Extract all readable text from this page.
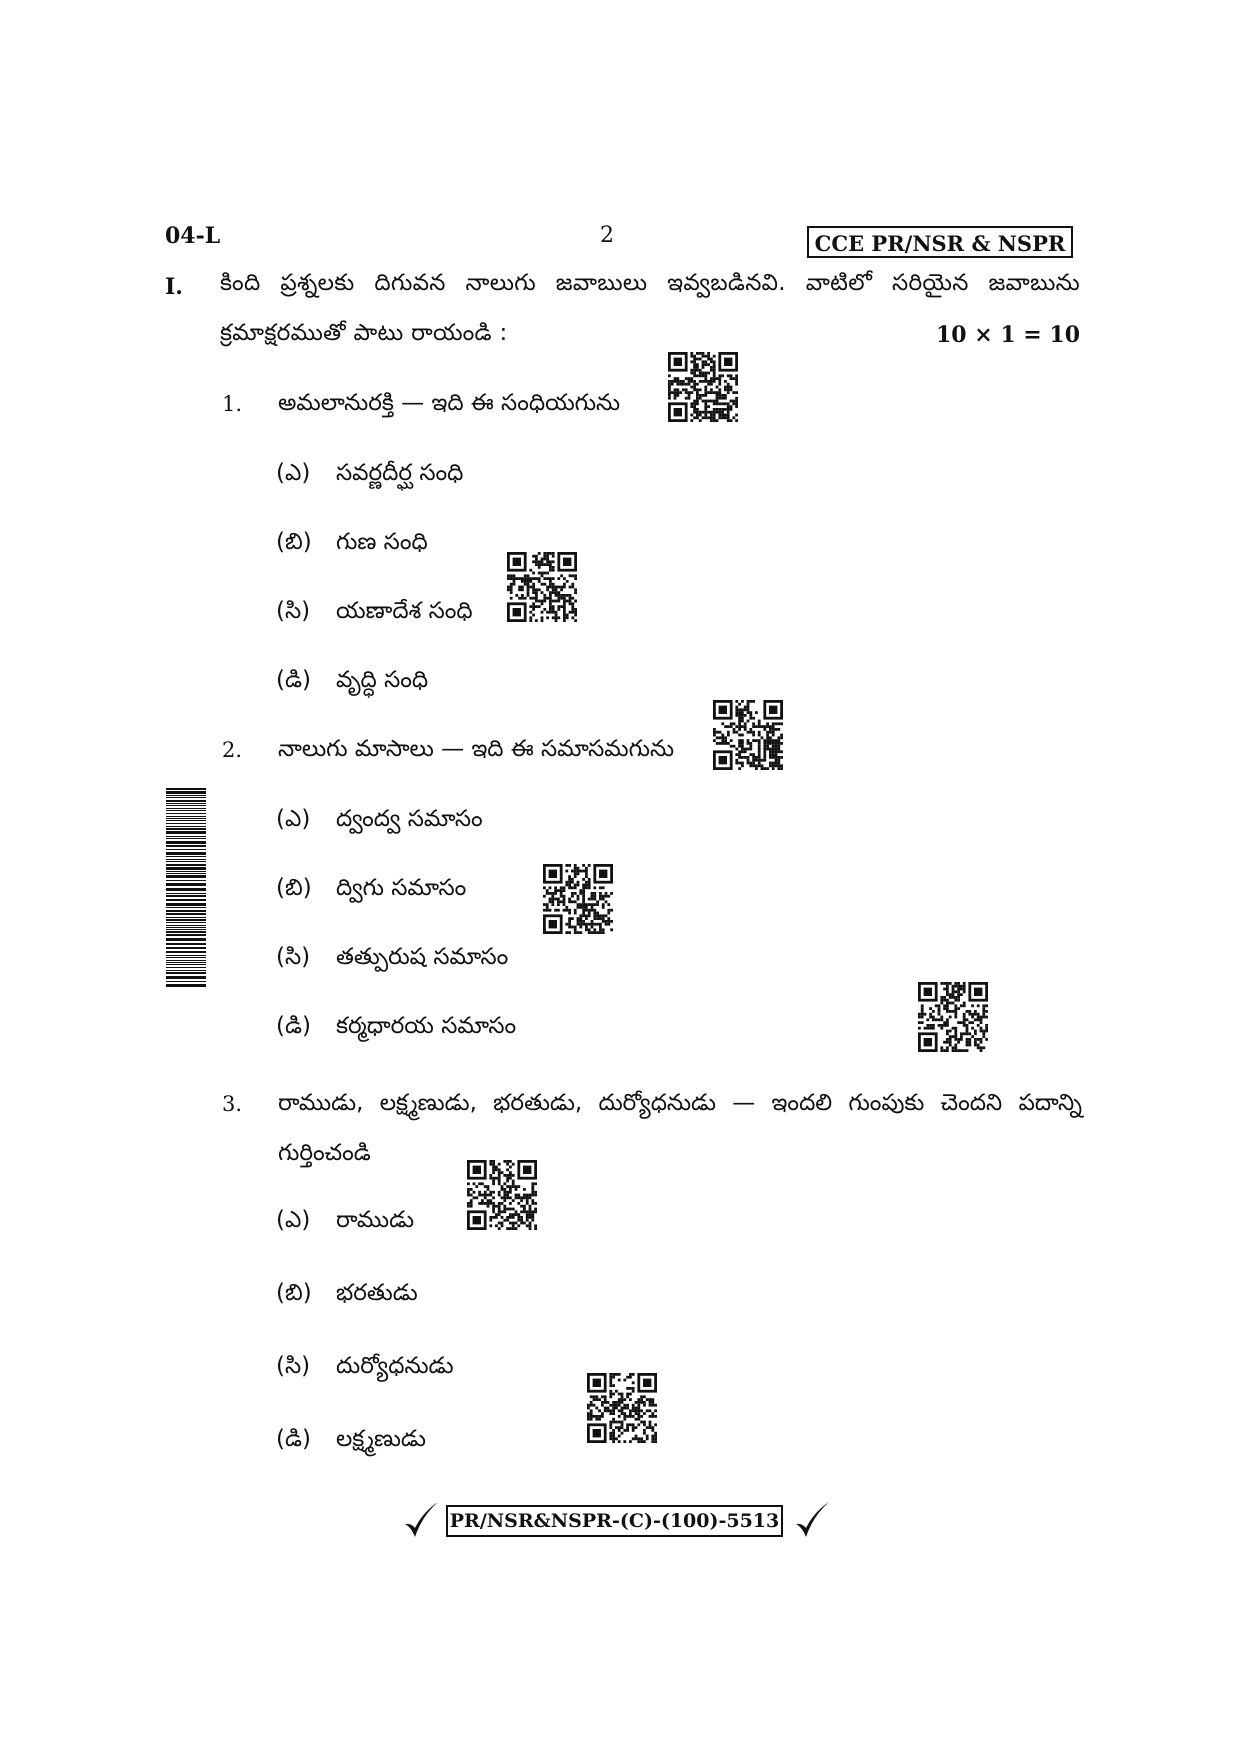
04-L	2	CCE PR/NSR & NSPR
I. కింది ప్రశ్నలకు దిగువన నాలుగు జవాబులు ఇవ్వబడినవి. వాటిలో సరియైన జవాబును
క్రమాక్షరముతో పాటు రాయండి :	10 × 1 = 10
1. అమలానురక్తి — ఇది ఈ సంధియగును
(ఎ) సవర్ణదీర్ఘ సంధి
(బి) గుణ సంధి
(సి) యణాదేశ సంధి
(డి) వృద్ధి సంధి
2. నాలుగు మాసాలు — ఇది ఈ సమాసమగును
(ఎ) ద్వంద్వ సమాసం
(బి) ద్విగు సమాసం
(సి) తత్పురుష సమాసం
(డి) కర్మధారయ సమాసం
3. రాముడు, లక్ష్మణుడు, భరతుడు, దుర్యోధనుడు — ఇందలి గుంపుకు చెందని పదాన్ని
గుర్తించండి
(ఎ) రాముడు
(బి) భరతుడు
(సి) దుర్యోధనుడు
(డి) లక్ష్మణుడు
PR/NSR&NSPR-(C)-(100)-5513
